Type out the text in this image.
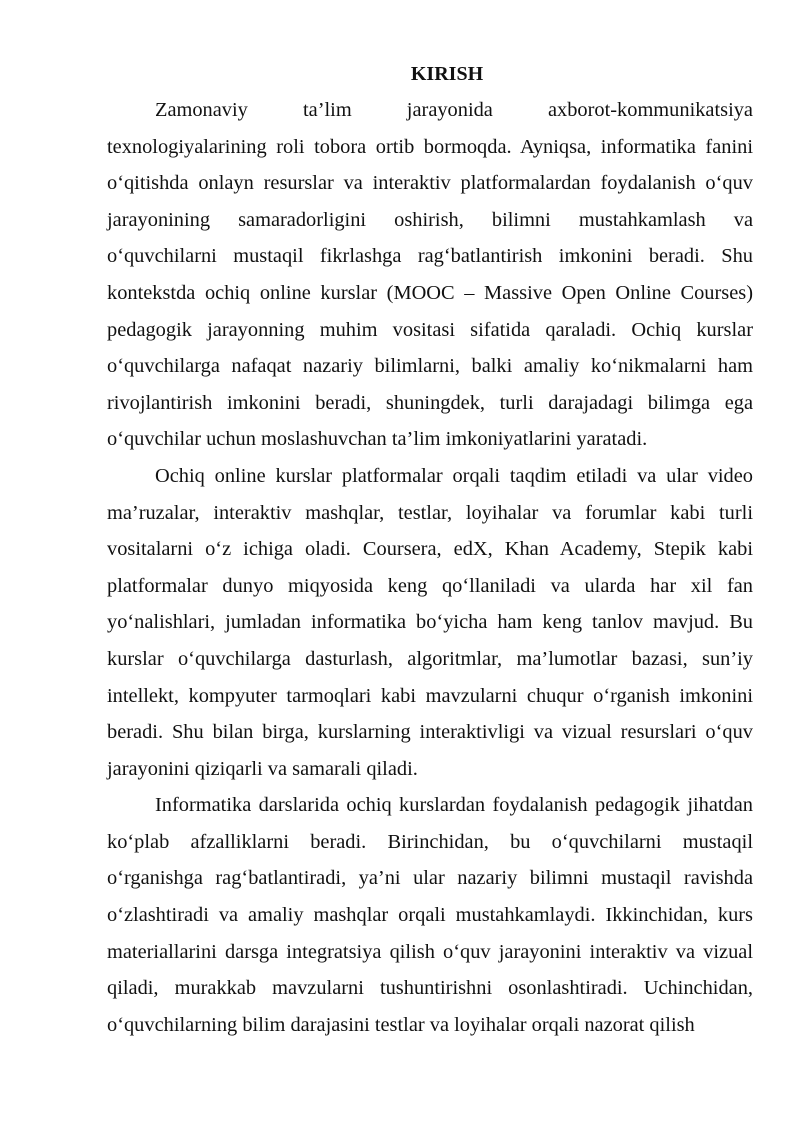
KIRISH

Zamonaviy ta’lim jarayonida axborot-kommunikatsiya texnologiyalarining roli tobora ortib bormoqda. Ayniqsa, informatika fanini o‘qitishda onlayn resurslar va interaktiv platformalardan foydalanish o‘quv jarayonining samaradorligini oshirish, bilimni mustahkamlash va o‘quvchilarni mustaqil fikrlashga rag‘batlantirish imkonini beradi. Shu kontekstda ochiq online kurslar (MOOC – Massive Open Online Courses) pedagogik jarayonning muhim vositasi sifatida qaraladi. Ochiq kurslar o‘quvchilarga nafaqat nazariy bilimlarni, balki amaliy ko‘nikmalarni ham rivojlantirish imkonini beradi, shuningdek, turli darajadagi bilimga ega o‘quvchilar uchun moslashuvchan ta’lim imkoniyatlarini yaratadi.

Ochiq online kurslar platformalar orqali taqdim etiladi va ular video ma’ruzalar, interaktiv mashqlar, testlar, loyihalar va forumlar kabi turli vositalarni o‘z ichiga oladi. Coursera, edX, Khan Academy, Stepik kabi platformalar dunyo miqyosida keng qo‘llaniladi va ularda har xil fan yo‘nalishlari, jumladan informatika bo‘yicha ham keng tanlov mavjud. Bu kurslar o‘quvchilarga dasturlash, algoritmlar, ma’lumotlar bazasi, sun’iy intellekt, kompyuter tarmoqlari kabi mavzularni chuqur o‘rganish imkonini beradi. Shu bilan birga, kurslarning interaktivligi va vizual resurslari o‘quv jarayonini qiziqarli va samarali qiladi.

Informatika darslarida ochiq kurslardan foydalanish pedagogik jihatdan ko‘plab afzalliklarni beradi. Birinchidan, bu o‘quvchilarni mustaqil o‘rganishga rag‘batlantiradi, ya’ni ular nazariy bilimni mustaqil ravishda o‘zlashtiradi va amaliy mashqlar orqali mustahkamlaydi. Ikkinchidan, kurs materiallarini darsga integratsiya qilish o‘quv jarayonini interaktiv va vizual qiladi, murakkab mavzularni tushuntirishni osonlashtiradi. Uchinchidan, o‘quvchilarning bilim darajasini testlar va loyihalar orqali nazorat qilish
